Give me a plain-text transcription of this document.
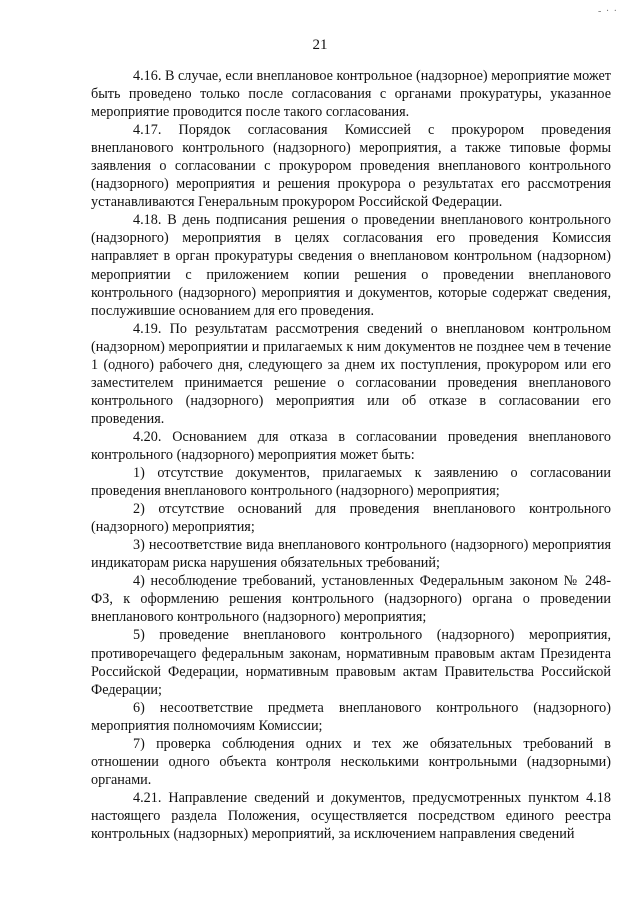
- · ·
21

4.16. В случае, если внеплановое контрольное (надзорное) мероприятие может быть проведено только после согласования с органами прокуратуры, указанное мероприятие проводится после такого согласования.

4.17. Порядок согласования Комиссией с прокурором проведения внепланового контрольного (надзорного) мероприятия, а также типовые формы заявления о согласовании с прокурором проведения внепланового контрольного (надзорного) мероприятия и решения прокурора о результатах его рассмотрения устанавливаются Генеральным прокурором Российской Федерации.

4.18. В день подписания решения о проведении внепланового контрольного (надзорного) мероприятия в целях согласования его проведения Комиссия направляет в орган прокуратуры сведения о внеплановом контрольном (надзорном) мероприятии с приложением копии решения о проведении внепланового контрольного (надзорного) мероприятия и документов, которые содержат сведения, послужившие основанием для его проведения.

4.19. По результатам рассмотрения сведений о внеплановом контрольном (надзорном) мероприятии и прилагаемых к ним документов не позднее чем в течение 1 (одного) рабочего дня, следующего за днем их поступления, прокурором или его заместителем принимается решение о согласовании проведения внепланового контрольного (надзорного) мероприятия или об отказе в согласовании его проведения.

4.20. Основанием для отказа в согласовании проведения внепланового контрольного (надзорного) мероприятия может быть:

1) отсутствие документов, прилагаемых к заявлению о согласовании проведения внепланового контрольного (надзорного) мероприятия;

2) отсутствие оснований для проведения внепланового контрольного (надзорного) мероприятия;

3) несоответствие вида внепланового контрольного (надзорного) мероприятия индикаторам риска нарушения обязательных требований;

4) несоблюдение требований, установленных Федеральным законом № 248-ФЗ, к оформлению решения контрольного (надзорного) органа о проведении внепланового контрольного (надзорного) мероприятия;

5) проведение внепланового контрольного (надзорного) мероприятия, противоречащего федеральным законам, нормативным правовым актам Президента Российской Федерации, нормативным правовым актам Правительства Российской Федерации;

6) несоответствие предмета внепланового контрольного (надзорного) мероприятия полномочиям Комиссии;

7) проверка соблюдения одних и тех же обязательных требований в отношении одного объекта контроля несколькими контрольными (надзорными) органами.

4.21. Направление сведений и документов, предусмотренных пунктом 4.18 настоящего раздела Положения, осуществляется посредством единого реестра контрольных (надзорных) мероприятий, за исключением направления сведений
